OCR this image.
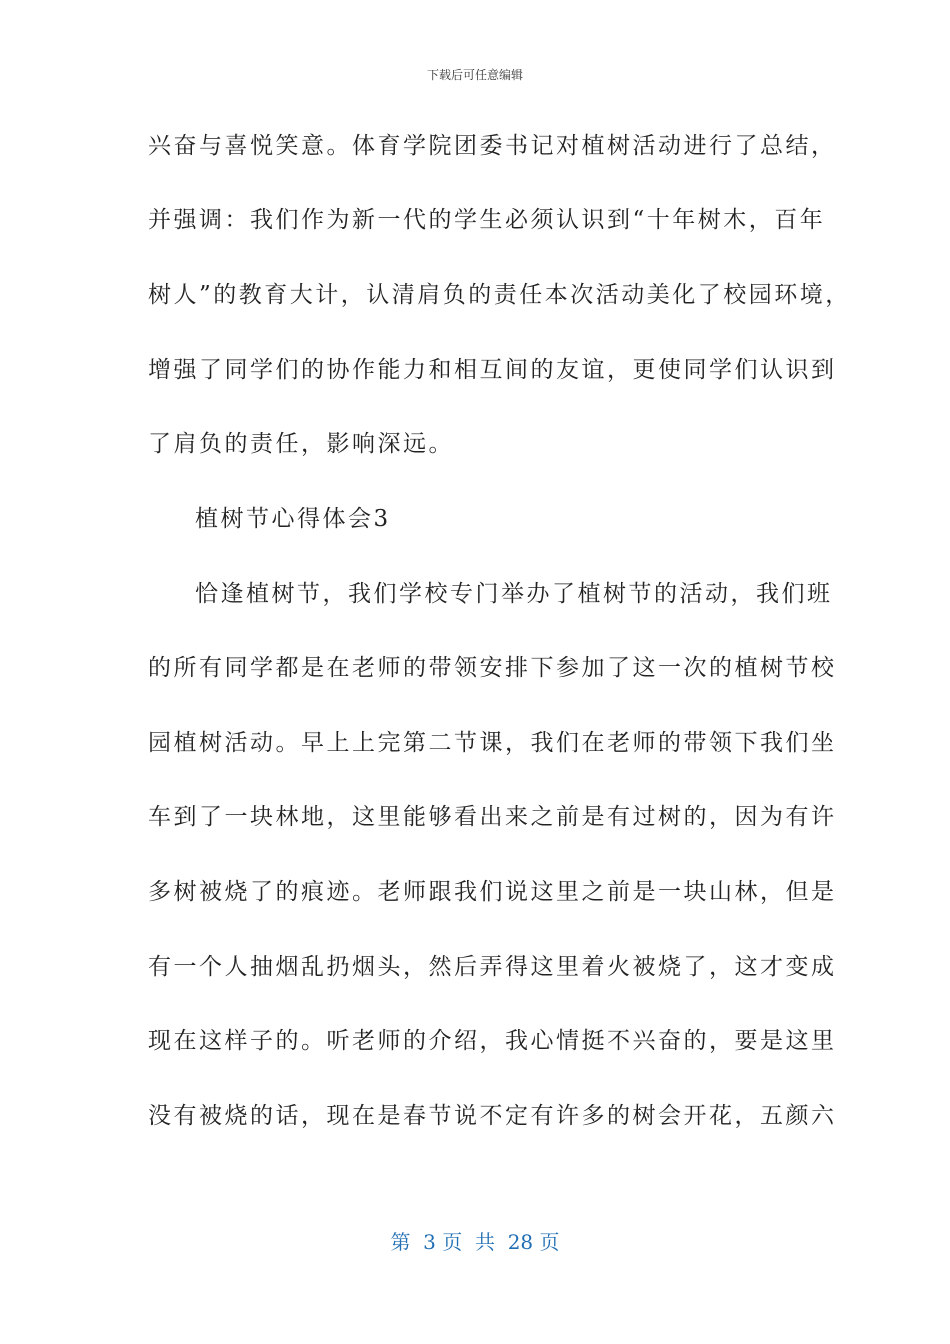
下载后可任意编辑
兴奋与喜悦笑意。体育学院团委书记对植树活动进行了总结，
并强调：我们作为新一代的学生必须认识到“十年树木，百年
树人”的教育大计，认清肩负的责任本次活动美化了校园环境，
增强了同学们的协作能力和相互间的友谊，更使同学们认识到
了肩负的责任，影响深远。
植树节心得体会3
恰逢植树节，我们学校专门举办了植树节的活动，我们班
的所有同学都是在老师的带领安排下参加了这一次的植树节校
园植树活动。早上上完第二节课，我们在老师的带领下我们坐
车到了一块林地，这里能够看出来之前是有过树的，因为有许
多树被烧了的痕迹。老师跟我们说这里之前是一块山林，但是
有一个人抽烟乱扔烟头，然后弄得这里着火被烧了，这才变成
现在这样子的。听老师的介绍，我心情挺不兴奋的，要是这里
没有被烧的话，现在是春节说不定有许多的树会开花，五颜六
第  3 页  共  28 页
